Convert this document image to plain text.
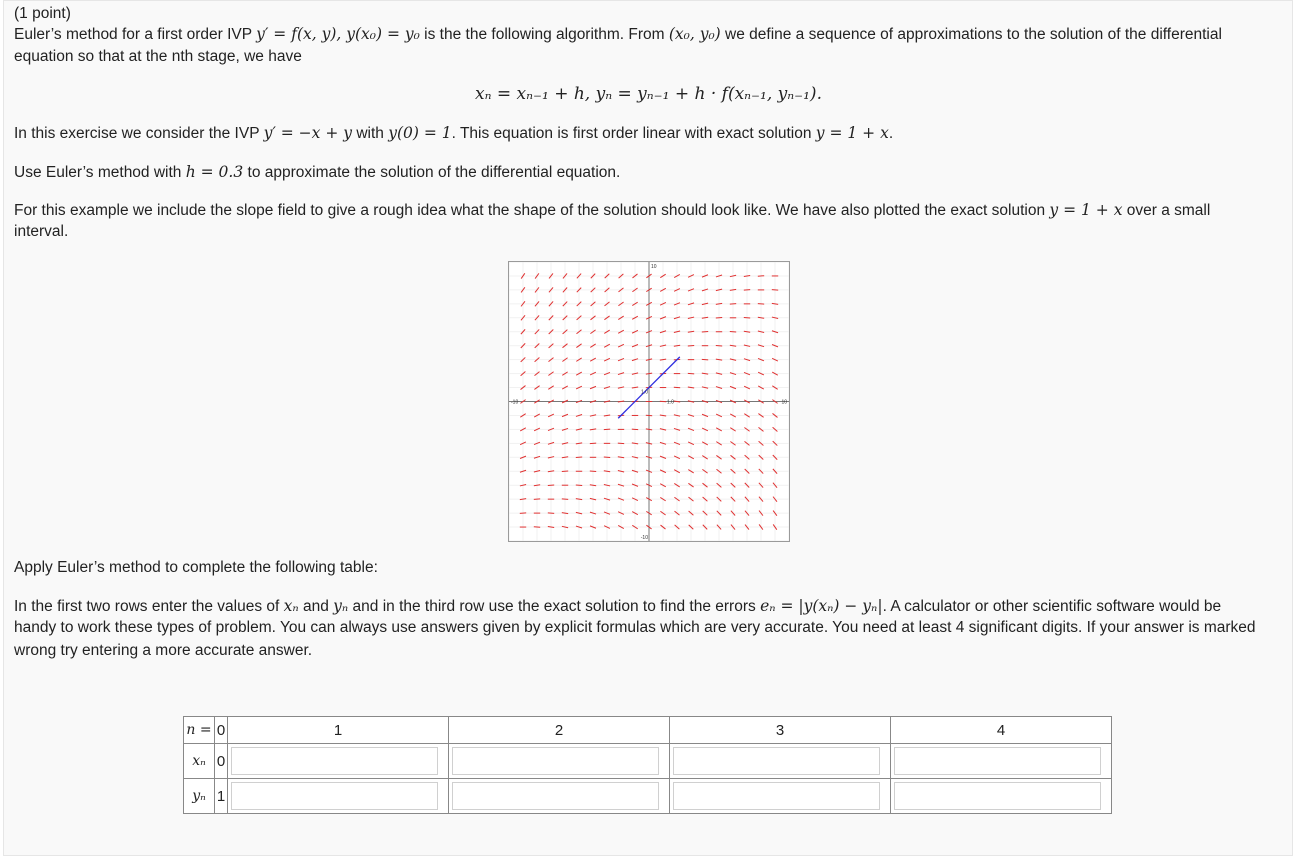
(1 point)
Euler’s method for a first order IVP y′ = f(x, y), y(x₀) = y₀ is the the following algorithm. From (x₀, y₀) we define a sequence of approximations to the solution of the differential
equation so that at the nth stage, we have
xₙ = xₙ₋₁ + h, yₙ = yₙ₋₁ + h · f(xₙ₋₁, yₙ₋₁).
In this exercise we consider the IVP y′ = −x + y with y(0) = 1. This equation is first order linear with exact solution y = 1 + x.
Use Euler’s method with h = 0.3 to approximate the solution of the differential equation.
For this example we include the slope field to give a rough idea what the shape of the solution should look like. We have also plotted the exact solution y = 1 + x over a small
interval.
10
-10
-10	10
1.0
1.0
Apply Euler’s method to complete the following table:
In the first two rows enter the values of xₙ and yₙ and in the third row use the exact solution to find the errors eₙ = |y(xₙ) − yₙ|. A calculator or other scientific software would be
handy to work these types of problem. You can always use answers given by explicit formulas which are very accurate. You need at least 4 significant digits. If your answer is marked
wrong try entering a more accurate answer.
n =	0	1	2	3	4
xₙ	0				
yₙ	1				
